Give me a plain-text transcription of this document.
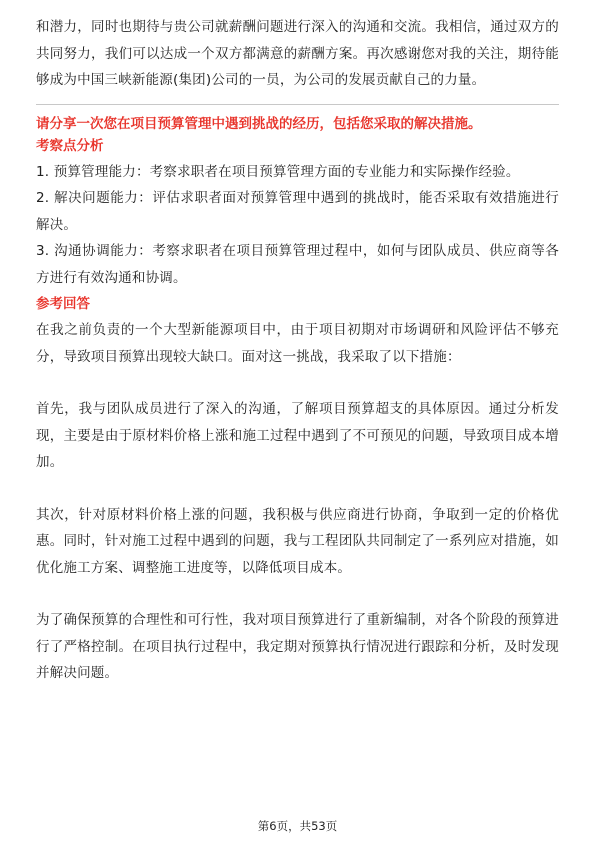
和潜力，同时也期待与贵公司就薪酬问题进行深入的沟通和交流。我相信，通过双方的共同努力，我们可以达成一个双方都满意的薪酬方案。再次感谢您对我的关注，期待能够成为中国三峡新能源(集团)公司的一员，为公司的发展贡献自己的力量。

请分享一次您在项目预算管理中遇到挑战的经历，包括您采取的解决措施。

考察点分析

1. 预算管理能力：考察求职者在项目预算管理方面的专业能力和实际操作经验。

2. 解决问题能力：评估求职者面对预算管理中遇到的挑战时，能否采取有效措施进行解决。

3. 沟通协调能力：考察求职者在项目预算管理过程中，如何与团队成员、供应商等各方进行有效沟通和协调。

参考回答

在我之前负责的一个大型新能源项目中，由于项目初期对市场调研和风险评估不够充分，导致项目预算出现较大缺口。面对这一挑战，我采取了以下措施：

首先，我与团队成员进行了深入的沟通，了解项目预算超支的具体原因。通过分析发现，主要是由于原材料价格上涨和施工过程中遇到了不可预见的问题，导致项目成本增加。

其次，针对原材料价格上涨的问题，我积极与供应商进行协商，争取到一定的价格优惠。同时，针对施工过程中遇到的问题，我与工程团队共同制定了一系列应对措施，如优化施工方案、调整施工进度等，以降低项目成本。

为了确保预算的合理性和可行性，我对项目预算进行了重新编制，对各个阶段的预算进行了严格控制。在项目执行过程中，我定期对预算执行情况进行跟踪和分析，及时发现并解决问题。

第6页，共53页
